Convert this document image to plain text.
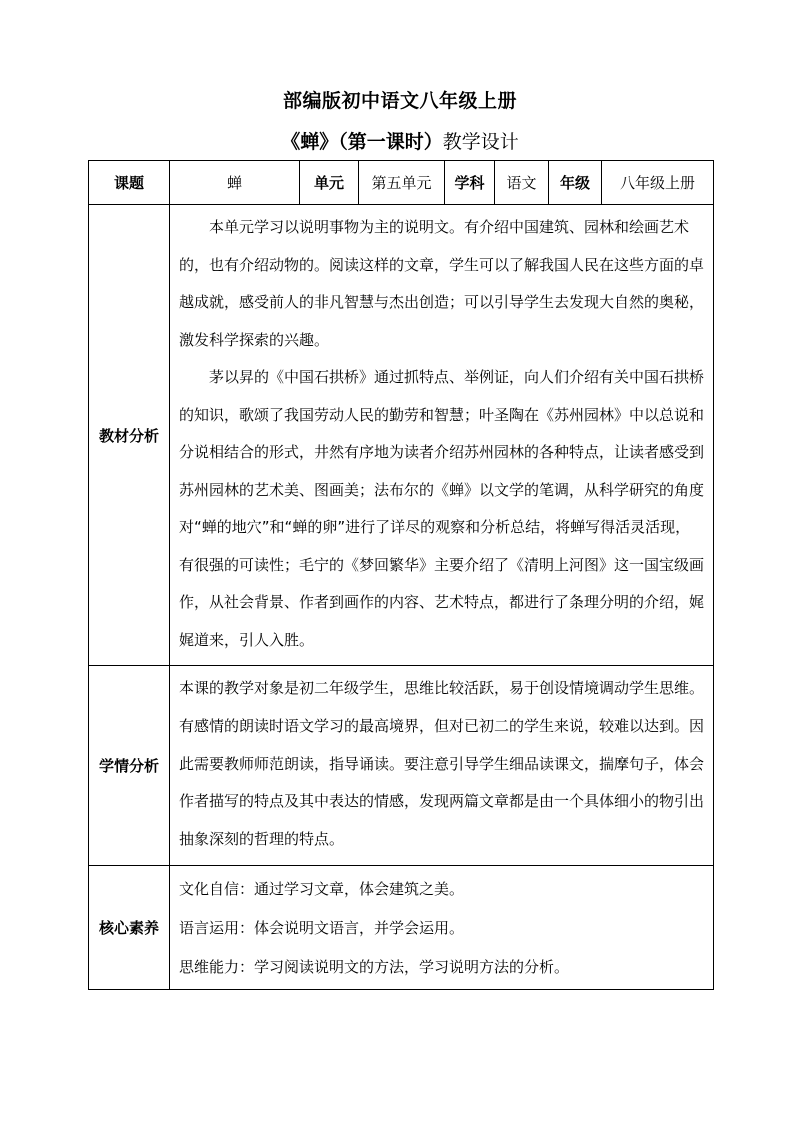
部编版初中语文八年级上册
《蝉》（第一课时）教学设计
课题	蝉	单元	第五单元	学科	语文	年级	八年级上册
教材分析	本单元学习以说明事物为主的说明文。有介绍中国建筑、园林和绘画艺术的，也有介绍动物的。阅读这样的文章，学生可以了解我国人民在这些方面的卓越成就，感受前人的非凡智慧与杰出创造；可以引导学生去发现大自然的奥秘，激发科学探索的兴趣。

茅以昇的《中国石拱桥》通过抓特点、举例证，向人们介绍有关中国石拱桥的知识，歌颂了我国劳动人民的勤劳和智慧；叶圣陶在《苏州园林》中以总说和分说相结合的形式，井然有序地为读者介绍苏州园林的各种特点，让读者感受到苏州园林的艺术美、图画美；法布尔的《蝉》以文学的笔调，从科学研究的角度对“蝉的地穴”和“蝉的卵”进行了详尽的观察和分析总结，将蝉写得活灵活现，有很强的可读性；毛宁的《梦回繁华》主要介绍了《清明上河图》这一国宝级画作，从社会背景、作者到画作的内容、艺术特点，都进行了条理分明的介绍，娓娓道来，引人入胜。						

学情分析	本课的教学对象是初二年级学生，思维比较活跃，易于创设情境调动学生思维。有感情的朗读时语文学习的最高境界，但对已初二的学生来说，较难以达到。因此需要教师师范朗读，指导诵读。要注意引导学生细品读课文，揣摩句子，体会作者描写的特点及其中表达的情感，发现两篇文章都是由一个具体细小的物引出抽象深刻的哲理的特点。						

核心素养	文化自信：通过学习文章，体会建筑之美。

语言运用：体会说明文语言，并学会运用。

思维能力：学习阅读说明文的方法，学习说明方法的分析。						
